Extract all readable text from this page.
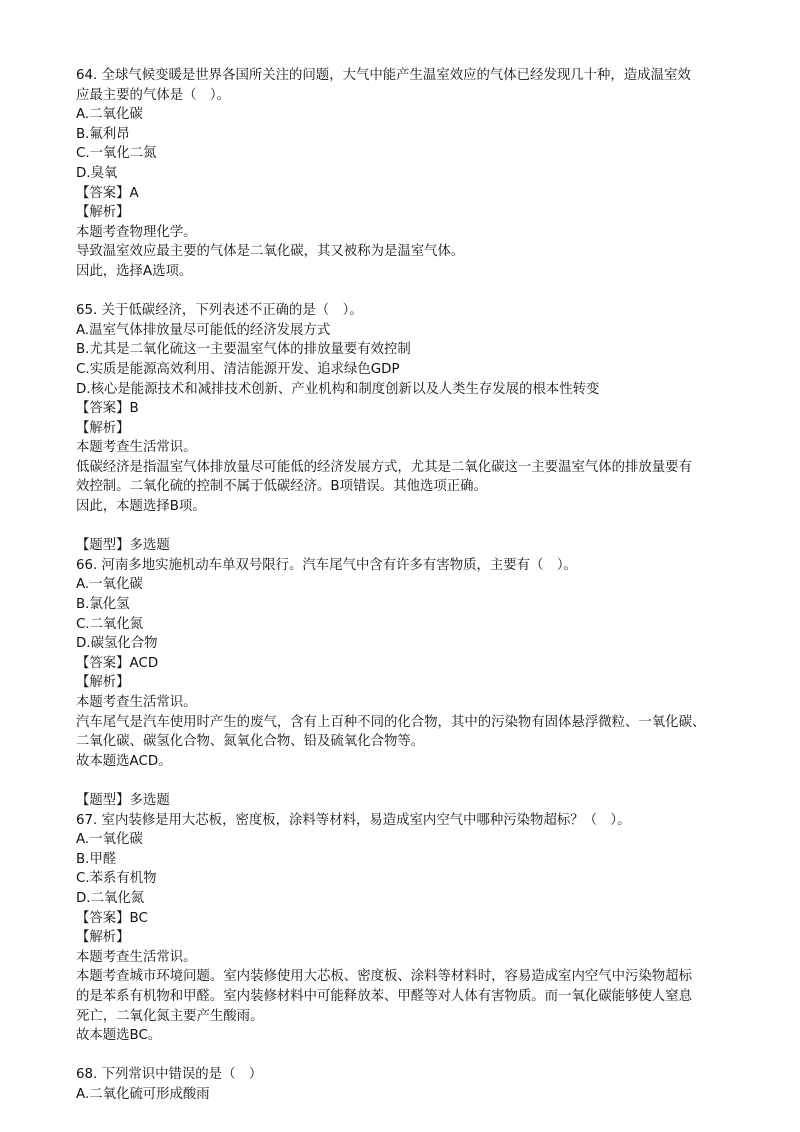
64. 全球气候变暖是世界各国所关注的问题，大气中能产生温室效应的气体已经发现几十种，造成温室效

应最主要的气体是（　）。

A.二氧化碳

B.氟利昂

C.一氧化二氮

D.臭氧

【答案】A

【解析】

本题考查物理化学。

导致温室效应最主要的气体是二氧化碳，其又被称为是温室气体。

因此，选择A选项。

65. 关于低碳经济，下列表述不正确的是（　）。

A.温室气体排放量尽可能低的经济发展方式

B.尤其是二氧化硫这一主要温室气体的排放量要有效控制

C.实质是能源高效利用、清洁能源开发、追求绿色GDP

D.核心是能源技术和减排技术创新、产业机构和制度创新以及人类生存发展的根本性转变

【答案】B

【解析】

本题考查生活常识。

低碳经济是指温室气体排放量尽可能低的经济发展方式，尤其是二氧化碳这一主要温室气体的排放量要有

效控制。二氧化硫的控制不属于低碳经济。B项错误。其他选项正确。

因此，本题选择B项。

【题型】多选题

66. 河南多地实施机动车单双号限行。汽车尾气中含有许多有害物质，主要有（　）。

A.一氧化碳

B.氯化氢

C.二氧化氮

D.碳氢化合物

【答案】ACD

【解析】

本题考查生活常识。

汽车尾气是汽车使用时产生的废气，含有上百种不同的化合物，其中的污染物有固体悬浮微粒、一氧化碳、

二氧化碳、碳氢化合物、氮氧化合物、铅及硫氧化合物等。

故本题选ACD。

【题型】多选题

67. 室内装修是用大芯板，密度板，涂料等材料，易造成室内空气中哪种污染物超标？（　）。

A.一氧化碳

B.甲醛

C.苯系有机物

D.二氧化氮

【答案】BC

【解析】

本题考查生活常识。

本题考查城市环境问题。室内装修使用大芯板、密度板、涂料等材料时，容易造成室内空气中污染物超标

的是苯系有机物和甲醛。室内装修材料中可能释放苯、甲醛等对人体有害物质。而一氧化碳能够使人窒息

死亡，二氧化氮主要产生酸雨。

故本题选BC。

68. 下列常识中错误的是（　）

A.二氧化硫可形成酸雨
